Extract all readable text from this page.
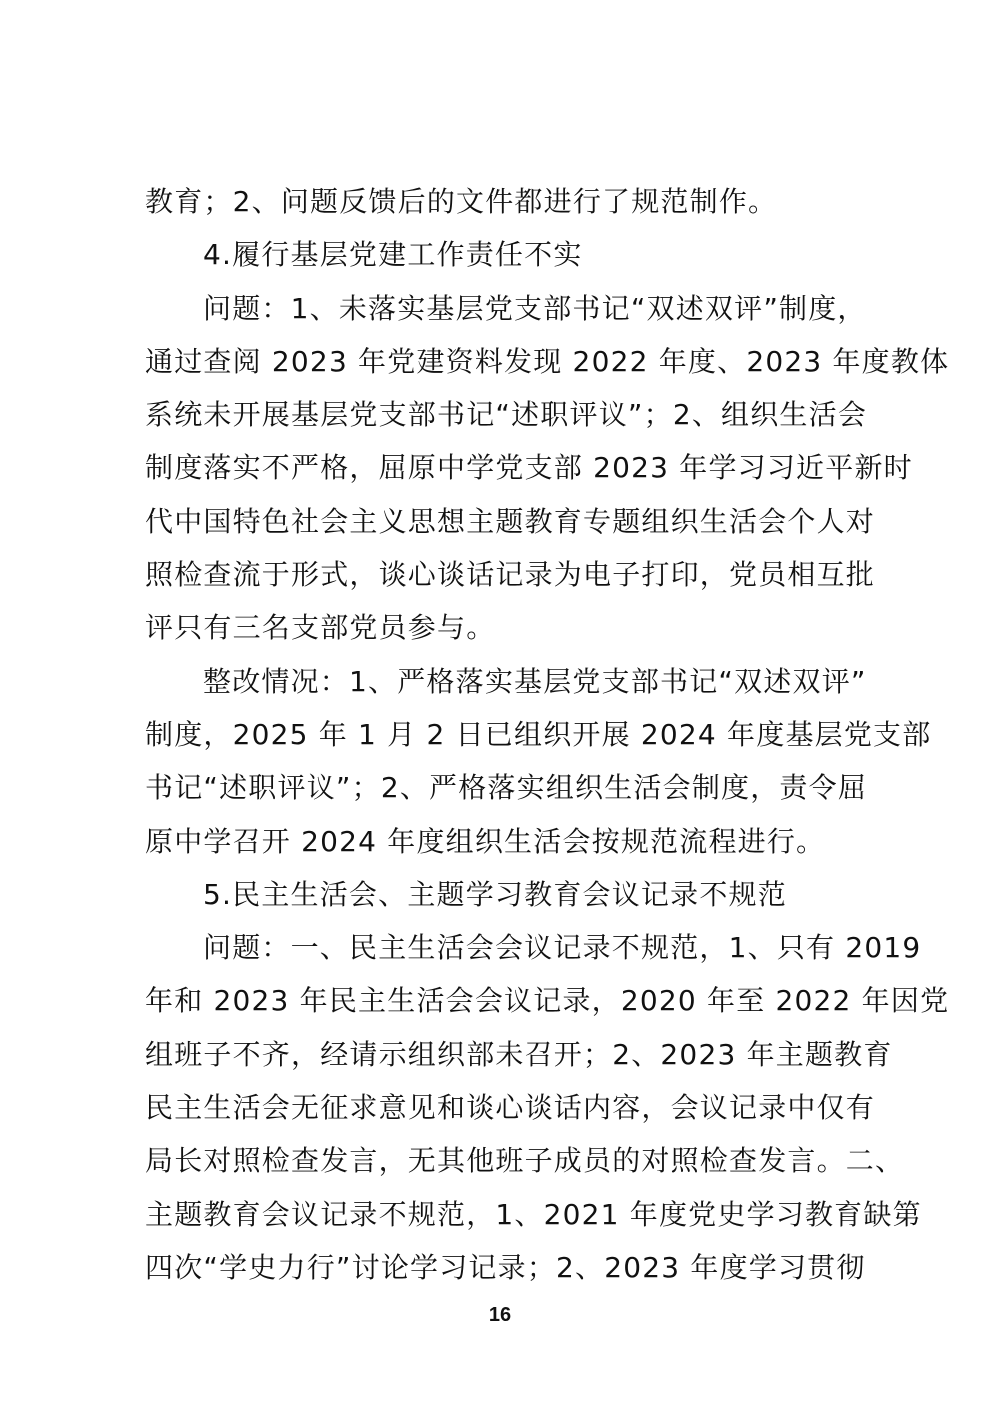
教育；2、问题反馈后的文件都进行了规范制作。
4.履行基层党建工作责任不实
问题：1、未落实基层党支部书记“双述双评”制度，
通过查阅 2023 年党建资料发现 2022 年度、2023 年度教体
系统未开展基层党支部书记“述职评议”；2、组织生活会
制度落实不严格，屈原中学党支部 2023 年学习习近平新时
代中国特色社会主义思想主题教育专题组织生活会个人对
照检查流于形式，谈心谈话记录为电子打印，党员相互批
评只有三名支部党员参与。
整改情况：1、严格落实基层党支部书记“双述双评”
制度，2025 年 1 月 2 日已组织开展 2024 年度基层党支部
书记“述职评议”；2、严格落实组织生活会制度，责令屈
原中学召开 2024 年度组织生活会按规范流程进行。
5.民主生活会、主题学习教育会议记录不规范
问题：一、民主生活会会议记录不规范，1、只有 2019
年和 2023 年民主生活会会议记录，2020 年至 2022 年因党
组班子不齐，经请示组织部未召开；2、2023 年主题教育
民主生活会无征求意见和谈心谈话内容，会议记录中仅有
局长对照检查发言，无其他班子成员的对照检查发言。二、
主题教育会议记录不规范，1、2021 年度党史学习教育缺第
四次“学史力行”讨论学习记录；2、2023 年度学习贯彻
16
